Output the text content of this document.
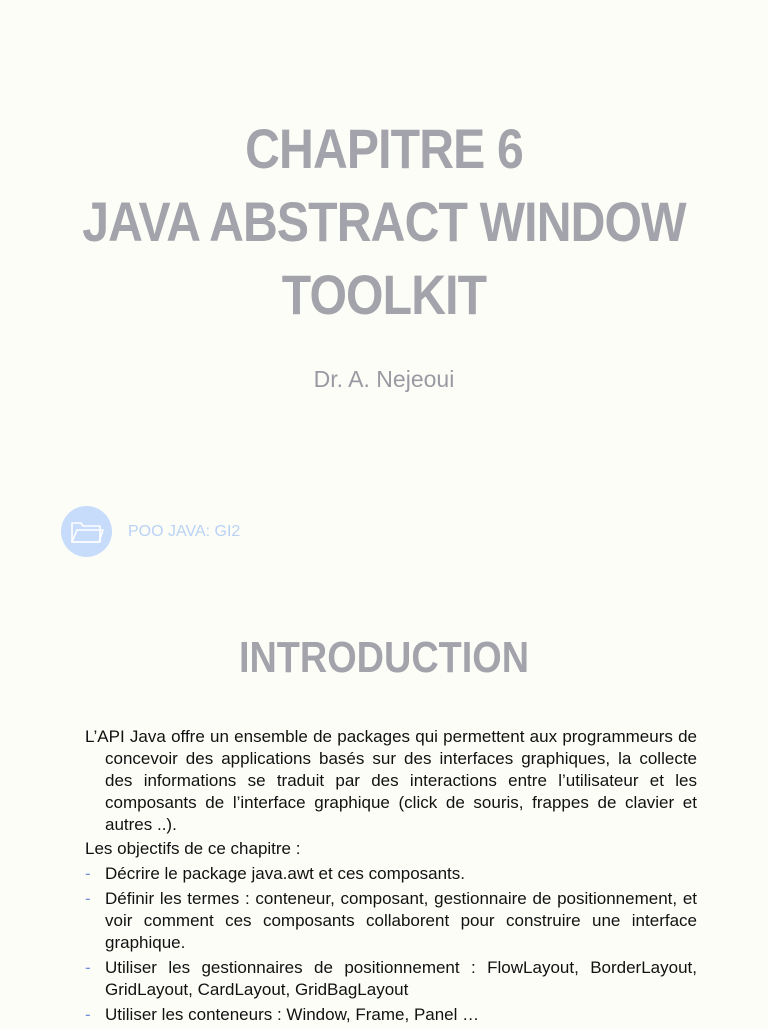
CHAPITRE 6
JAVA ABSTRACT WINDOW
TOOLKIT
Dr. A. Nejeoui
POO JAVA: GI2
INTRODUCTION

L’API Java offre un ensemble de packages qui permettent aux programmeurs de concevoir des applications basés sur des interfaces graphiques, la collecte des informations se traduit par des interactions entre l’utilisateur et les composants de l’interface graphique (click de souris, frappes de clavier et autres ..).

Les objectifs de ce chapitre :

- Décrire le package java.awt et ces composants.
- Définir les termes : conteneur, composant, gestionnaire de positionnement, et voir comment ces composants collaborent pour construire une interface graphique.
- Utiliser les gestionnaires de positionnement : FlowLayout, BorderLayout, GridLayout, CardLayout, GridBagLayout
- Utiliser les conteneurs : Window, Frame, Panel …
